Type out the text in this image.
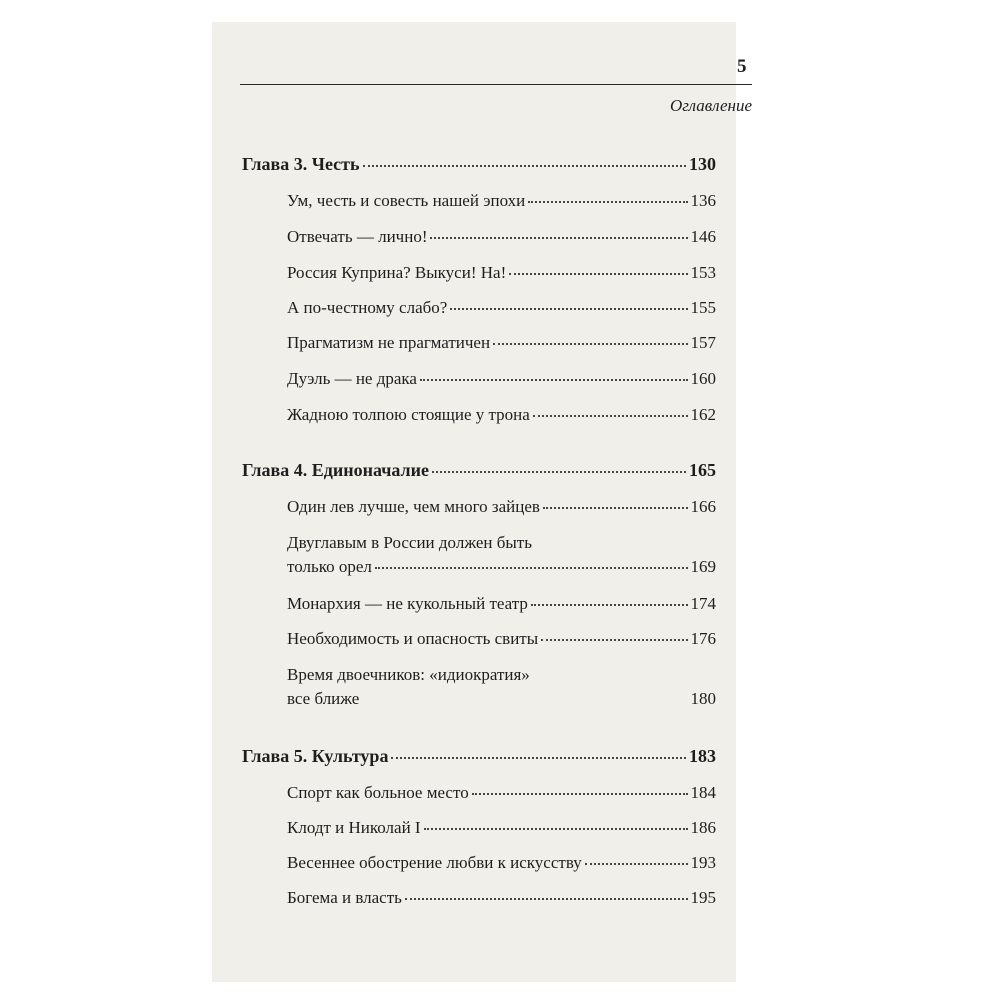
5
Оглавление
Глава 3. Честь	130
Ум, честь и совесть нашей эпохи	136
Отвечать — лично!	146
Россия Куприна? Выкуси! На!	153
А по-честному слабо?	155
Прагматизм не прагматичен	157
Дуэль — не драка	160
Жадною толпою стоящие у трона	162
Глава 4. Единоначалие	165
Один лев лучше, чем много зайцев	166
Двуглавым в России должен быть
только орел	169
Монархия — не кукольный театр	174
Необходимость и опасность свиты	176
Время двоечников: «идиократия»
все ближе	180
Глава 5. Культура	183
Спорт как больное место	184
Клодт и Николай I	186
Весеннее обострение любви к искусству	193
Богема и власть	195
